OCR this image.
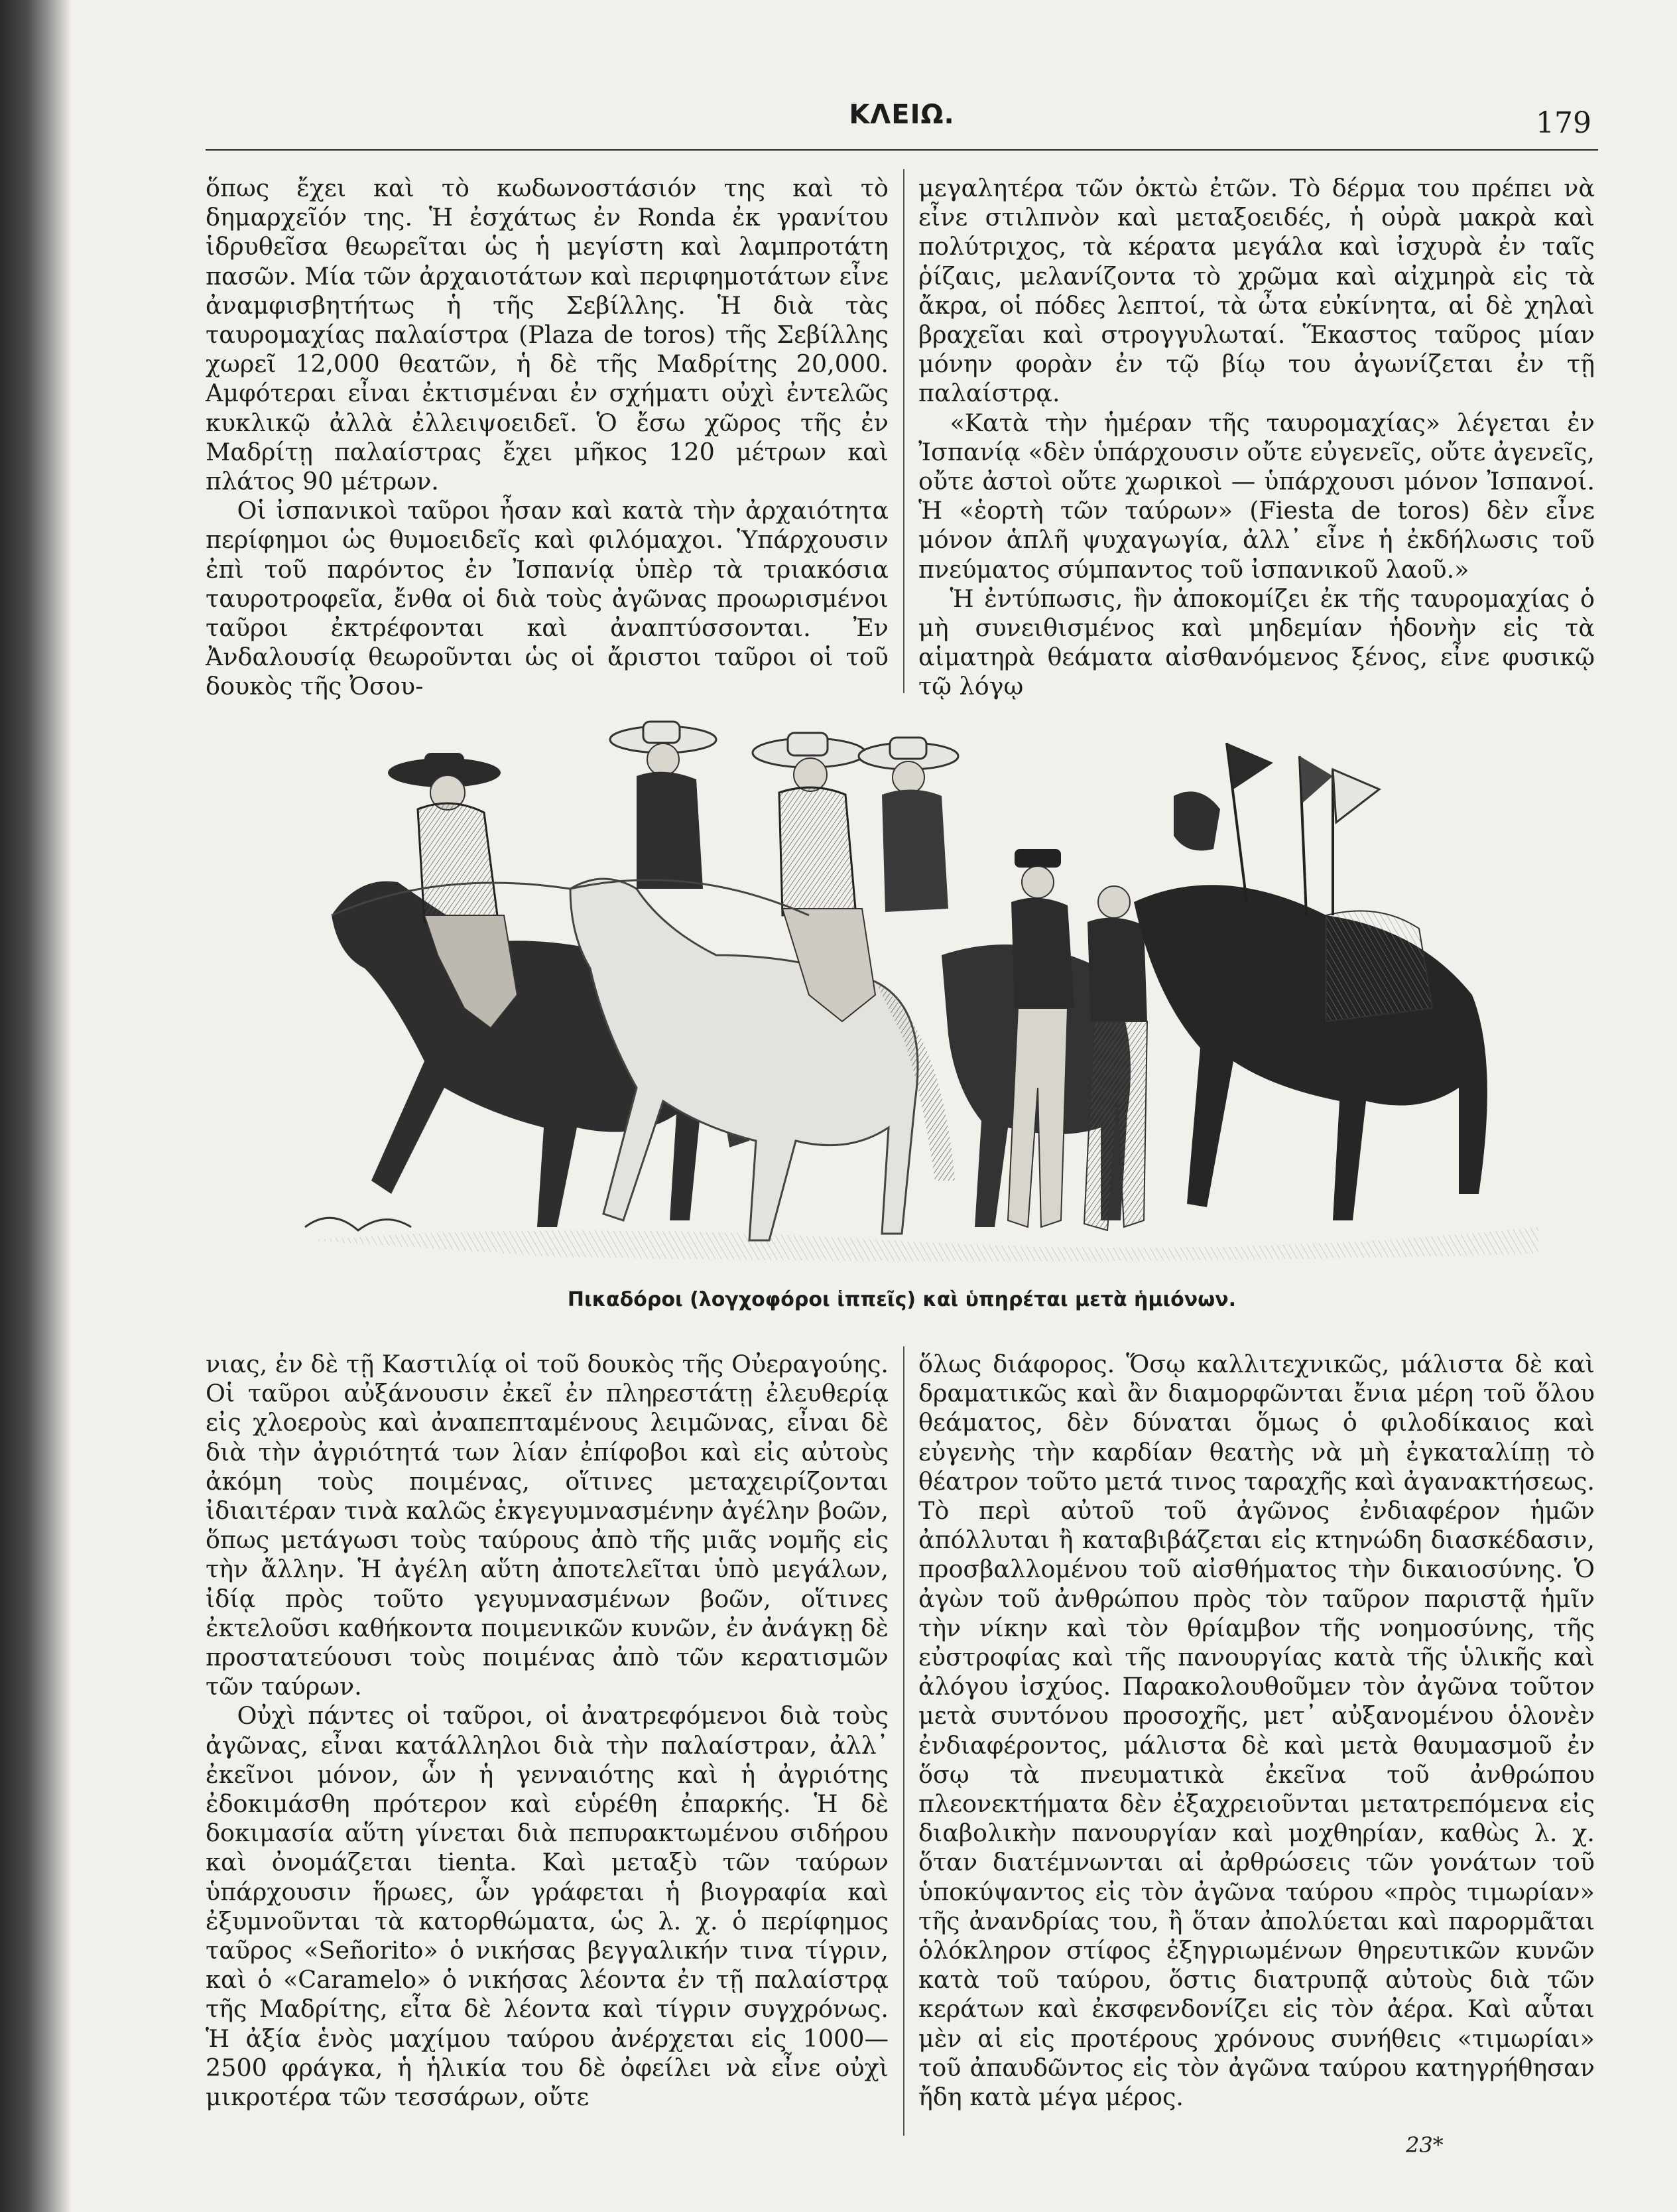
ΚΛΕΙΩ.	179

ὅπως ἔχει καὶ τὸ κωδωνοστάσιόν της καὶ τὸ δημαρχεῖόν της. Ἡ ἐσχάτως ἐν Ronda ἐκ γρανίτου ἱδρυθεῖσα θεωρεῖται ὡς ἡ μεγίστη καὶ λαμπροτάτη πασῶν. Μία τῶν ἀρχαιοτάτων καὶ περιφημοτάτων εἶνε ἀναμφισβητήτως ἡ τῆς Σεβίλλης. Ἡ διὰ τὰς ταυρομαχίας παλαίστρα (Plaza de toros) τῆς Σεβίλλης χωρεῖ 12,000 θεατῶν, ἡ δὲ τῆς Μαδρίτης 20,000. Αμφότεραι εἶναι ἐκτισμέναι ἐν σχήματι οὐχὶ ἐντελῶς κυκλικῷ ἀλλὰ ἐλλειψοειδεῖ. Ὁ ἔσω χῶρος τῆς ἐν Μαδρίτῃ παλαίστρας ἔχει μῆκος 120 μέτρων καὶ πλάτος 90 μέτρων.

Οἱ ἰσπανικοὶ ταῦροι ἦσαν καὶ κατὰ τὴν ἀρχαιότητα περίφημοι ὡς θυμοειδεῖς καὶ φιλόμαχοι. Ὑπάρχουσιν ἐπὶ τοῦ παρόντος ἐν Ἰσπανίᾳ ὑπὲρ τὰ τριακόσια ταυροτροφεῖα, ἔνθα οἱ διὰ τοὺς ἀγῶνας προωρισμένοι ταῦροι ἐκτρέφονται καὶ ἀναπτύσσονται. Ἐν Ἀνδαλουσίᾳ θεωροῦνται ὡς οἱ ἄριστοι ταῦροι οἱ τοῦ δουκὸς τῆς Ὀσου-

μεγαλητέρα τῶν ὀκτὼ ἐτῶν. Τὸ δέρμα του πρέπει νὰ εἶνε στιλπνὸν καὶ μεταξοειδές, ἡ οὐρὰ μακρὰ καὶ πολύτριχος, τὰ κέρατα μεγάλα καὶ ἰσχυρὰ ἐν ταῖς ῥίζαις, μελανίζοντα τὸ χρῶμα καὶ αἰχμηρὰ εἰς τὰ ἄκρα, οἱ πόδες λεπτοί, τὰ ὦτα εὐκίνητα, αἱ δὲ χηλαὶ βραχεῖαι καὶ στρογγυλωταί. Ἕκαστος ταῦρος μίαν μόνην φορὰν ἐν τῷ βίῳ του ἀγωνίζεται ἐν τῇ παλαίστρᾳ.

«Κατὰ τὴν ἡμέραν τῆς ταυρομαχίας» λέγεται ἐν Ἰσπανίᾳ «δὲν ὑπάρχουσιν οὔτε εὐγενεῖς, οὔτε ἀγενεῖς, οὔτε ἀστοὶ οὔτε χωρικοὶ — ὑπάρχουσι μόνον Ἰσπανοί. Ἡ «ἑορτὴ τῶν ταύρων» (Fiesta de toros) δὲν εἶνε μόνον ἁπλῆ ψυχαγωγία, ἀλλ᾽ εἶνε ἡ ἐκδήλωσις τοῦ πνεύματος σύμπαντος τοῦ ἰσπανικοῦ λαοῦ.»

Ἡ ἐντύπωσις, ἣν ἀποκομίζει ἐκ τῆς ταυρομαχίας ὁ μὴ συνειθισμένος καὶ μηδεμίαν ἡδονὴν εἰς τὰ αἱματηρὰ θεάματα αἰσθανόμενος ξένος, εἶνε φυσικῷ τῷ λόγῳ

Πικαδόροι (λογχοφόροι ἱππεῖς) καὶ ὑπηρέται μετὰ ἡμιόνων.

νιας, ἐν δὲ τῇ Καστιλίᾳ οἱ τοῦ δουκὸς τῆς Οὐεραγούης. Οἱ ταῦροι αὐξάνουσιν ἐκεῖ ἐν πληρεστάτῃ ἐλευθερίᾳ εἰς χλοεροὺς καὶ ἀναπεπταμένους λειμῶνας, εἶναι δὲ διὰ τὴν ἀγριότητά των λίαν ἐπίφοβοι καὶ εἰς αὐτοὺς ἀκόμη τοὺς ποιμένας, οἵτινες μεταχειρίζονται ἰδιαιτέραν τινὰ καλῶς ἐκγεγυμνασμένην ἀγέλην βοῶν, ὅπως μετάγωσι τοὺς ταύρους ἀπὸ τῆς μιᾶς νομῆς εἰς τὴν ἄλλην. Ἡ ἀγέλη αὕτη ἀποτελεῖται ὑπὸ μεγάλων, ἰδίᾳ πρὸς τοῦτο γεγυμνασμένων βοῶν, οἵτινες ἐκτελοῦσι καθήκοντα ποιμενικῶν κυνῶν, ἐν ἀνάγκῃ δὲ προστατεύουσι τοὺς ποιμένας ἀπὸ τῶν κερατισμῶν τῶν ταύρων.

Οὐχὶ πάντες οἱ ταῦροι, οἱ ἀνατρεφόμενοι διὰ τοὺς ἀγῶνας, εἶναι κατάλληλοι διὰ τὴν παλαίστραν, ἀλλ᾽ ἐκεῖνοι μόνον, ὧν ἡ γενναιότης καὶ ἡ ἀγριότης ἐδοκιμάσθη πρότερον καὶ εὑρέθη ἐπαρκής. Ἡ δὲ δοκιμασία αὕτη γίνεται διὰ πεπυρακτωμένου σιδήρου καὶ ὀνομάζεται tienta. Καὶ μεταξὺ τῶν ταύρων ὑπάρχουσιν ἥρωες, ὧν γράφεται ἡ βιογραφία καὶ ἐξυμνοῦνται τὰ κατορθώματα, ὡς λ. χ. ὁ περίφημος ταῦρος «Señorito» ὁ νικήσας βεγγαλικήν τινα τίγριν, καὶ ὁ «Caramelo» ὁ νικήσας λέοντα ἐν τῇ παλαίστρᾳ τῆς Μαδρίτης, εἶτα δὲ λέοντα καὶ τίγριν συγχρόνως. Ἡ ἀξία ἑνὸς μαχίμου ταύρου ἀνέρχεται εἰς 1000—2500 φράγκα, ἡ ἡλικία του δὲ ὀφείλει νὰ εἶνε οὐχὶ μικροτέρα τῶν τεσσάρων, οὔτε

ὅλως διάφορος. Ὅσῳ καλλιτεχνικῶς, μάλιστα δὲ καὶ δραματικῶς καὶ ἂν διαμορφῶνται ἔνια μέρη τοῦ ὅλου θεάματος, δὲν δύναται ὅμως ὁ φιλοδίκαιος καὶ εὐγενὴς τὴν καρδίαν θεατὴς νὰ μὴ ἐγκαταλίπῃ τὸ θέατρον τοῦτο μετά τινος ταραχῆς καὶ ἀγανακτήσεως. Τὸ περὶ αὐτοῦ τοῦ ἀγῶνος ἐνδιαφέρον ἡμῶν ἀπόλλυται ἢ καταβιβάζεται εἰς κτηνώδη διασκέδασιν, προσβαλλομένου τοῦ αἰσθήματος τὴν δικαιοσύνης. Ὁ ἀγὼν τοῦ ἀνθρώπου πρὸς τὸν ταῦρον παριστᾷ ἡμῖν τὴν νίκην καὶ τὸν θρίαμβον τῆς νοημοσύνης, τῆς εὐστροφίας καὶ τῆς πανουργίας κατὰ τῆς ὑλικῆς καὶ ἀλόγου ἰσχύος. Παρακολουθοῦμεν τὸν ἀγῶνα τοῦτον μετὰ συντόνου προσοχῆς, μετ᾽ αὐξανομένου ὁλονὲν ἐνδιαφέροντος, μάλιστα δὲ καὶ μετὰ θαυμασμοῦ ἐν ὅσῳ τὰ πνευματικὰ ἐκεῖνα τοῦ ἀνθρώπου πλεονεκτήματα δὲν ἐξαχρειοῦνται μετατρεπόμενα εἰς διαβολικὴν πανουργίαν καὶ μοχθηρίαν, καθὼς λ. χ. ὅταν διατέμνωνται αἱ ἀρθρώσεις τῶν γονάτων τοῦ ὑποκύψαντος εἰς τὸν ἀγῶνα ταύρου «πρὸς τιμωρίαν» τῆς ἀνανδρίας του, ἢ ὅταν ἀπολύεται καὶ παρορμᾶται ὁλόκληρον στίφος ἐξηγριωμένων θηρευτικῶν κυνῶν κατὰ τοῦ ταύρου, ὅστις διατρυπᾷ αὐτοὺς διὰ τῶν κεράτων καὶ ἐκσφενδονίζει εἰς τὸν ἀέρα. Καὶ αὗται μὲν αἱ εἰς προτέρους χρόνους συνήθεις «τιμωρίαι» τοῦ ἀπαυδῶντος εἰς τὸν ἀγῶνα ταύρου κατηγρήθησαν ἤδη κατὰ μέγα μέρος.

23*
